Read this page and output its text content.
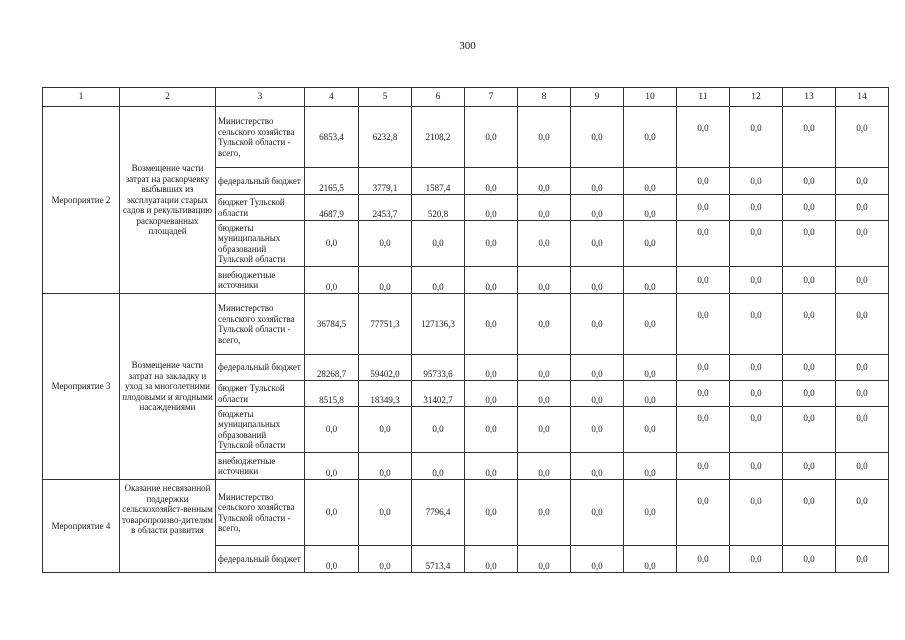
300
1	2	3	4	5	6	7	8	9	10	11	12	13	14
Мероприятие 2	Возмещение части затрат на раскорчевку выбывших из эксплуатации старых садов и рекультивацию раскорчеванных площадей	Министерство сельского хозяйства Тульской области - всего,	6853,4	6232,8	2108,2	0,0	0,0	0,0	0,0	0,0	0,0	0,0	0,0
		федеральный бюджет	2165,5	3779,1	1587,4	0,0	0,0	0,0	0,0	0,0	0,0	0,0	0,0
		бюджет Тульской области	4687,9	2453,7	520,8	0,0	0,0	0,0	0,0	0,0	0,0	0,0	0,0
		бюджеты муниципальных образований Тульской области	0,0	0,0	0,0	0,0	0,0	0,0	0,0	0,0	0,0	0,0	0,0
		внебюджетные источники	0,0	0,0	0,0	0,0	0,0	0,0	0,0	0,0	0,0	0,0	0,0
Мероприятие 3	Возмещение части затрат на закладку и уход за многолетними плодовыми и ягодными насаждениями	Министерство сельского хозяйства Тульской области - всего,	36784,5	77751,3	127136,3	0,0	0,0	0,0	0,0	0,0	0,0	0,0	0,0
		федеральный бюджет	28268,7	59402,0	95733,6	0,0	0,0	0,0	0,0	0,0	0,0	0,0	0,0
		бюджет Тульской области	8515,8	18349,3	31402,7	0,0	0,0	0,0	0,0	0,0	0,0	0,0	0,0
		бюджеты муниципальных образований Тульской области	0,0	0,0	0,0	0,0	0,0	0,0	0,0	0,0	0,0	0,0	0,0
		внебюджетные источники	0,0	0,0	0,0	0,0	0,0	0,0	0,0	0,0	0,0	0,0	0,0
Мероприятие 4	Оказание несвязанной поддержки сельскохозяйст-венным товаропроизво-дителям в области развития	Министерство сельского хозяйства Тульской области - всего,	0,0	0,0	7796,4	0,0	0,0	0,0	0,0	0,0	0,0	0,0	0,0
		федеральный бюджет	0,0	0,0	5713,4	0,0	0,0	0,0	0,0	0,0	0,0	0,0	0,0
